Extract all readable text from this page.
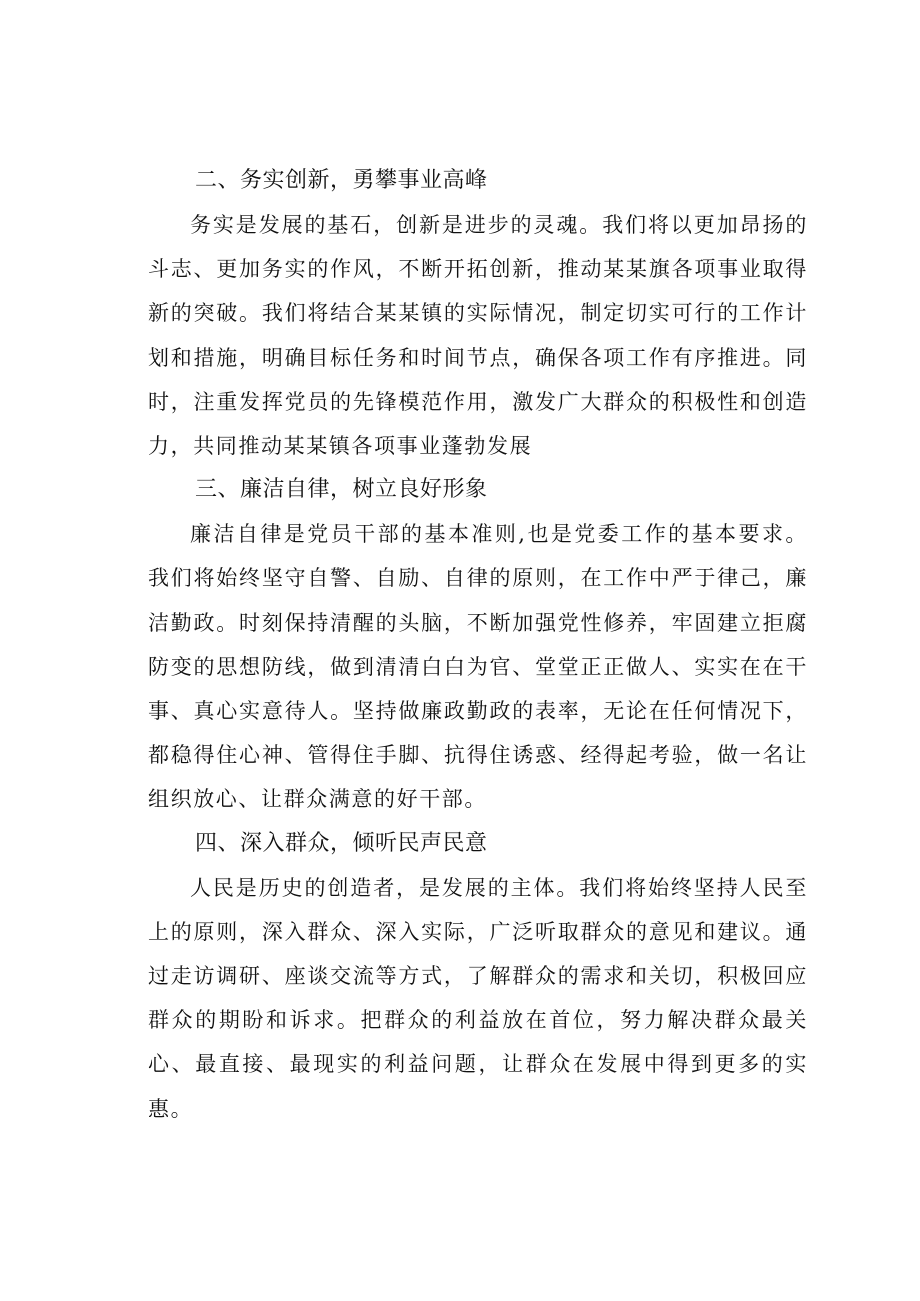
二、务实创新，勇攀事业高峰

务实是发展的基石，创新是进步的灵魂。我们将以更加昂扬的斗志、更加务实的作风，不断开拓创新，推动某某旗各项事业取得新的突破。我们将结合某某镇的实际情况，制定切实可行的工作计划和措施，明确目标任务和时间节点，确保各项工作有序推进。同时，注重发挥党员的先锋模范作用，激发广大群众的积极性和创造力，共同推动某某镇各项事业蓬勃发展

三、廉洁自律，树立良好形象

廉洁自律是党员干部的基本准则,也是党委工作的基本要求。我们将始终坚守自警、自励、自律的原则，在工作中严于律己，廉洁勤政。时刻保持清醒的头脑，不断加强党性修养，牢固建立拒腐防变的思想防线，做到清清白白为官、堂堂正正做人、实实在在干事、真心实意待人。坚持做廉政勤政的表率，无论在任何情况下，都稳得住心神、管得住手脚、抗得住诱惑、经得起考验，做一名让组织放心、让群众满意的好干部。

四、深入群众，倾听民声民意

人民是历史的创造者，是发展的主体。我们将始终坚持人民至上的原则，深入群众、深入实际，广泛听取群众的意见和建议。通过走访调研、座谈交流等方式，了解群众的需求和关切，积极回应群众的期盼和诉求。把群众的利益放在首位，努力解决群众最关心、最直接、最现实的利益问题，让群众在发展中得到更多的实惠。
